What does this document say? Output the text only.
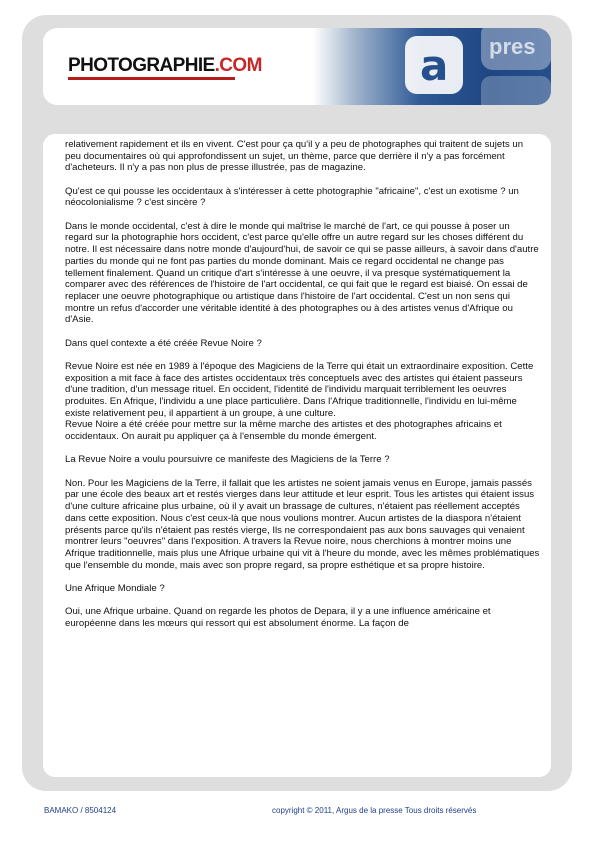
PHOTOGRAPHIE.COM	a pres

relativement rapidement et ils en vivent. C'est pour ça qu'il y a peu de photographes qui traitent de sujets un peu documentaires où qui approfondissent un sujet, un thème, parce que derrière il n'y a pas forcément d'acheteurs. Il n'y a pas non plus de presse illustrée, pas de magazine.

Qu'est ce qui pousse les occidentaux à s'intéresser à cette photographie "africaine", c'est un exotisme ? un néocolonialisme ? c'est sincère ?

Dans le monde occidental, c'est à dire le monde qui maîtrise le marché de l'art, ce qui pousse à poser un regard sur la photographie hors occident, c'est parce qu'elle offre un autre regard sur les choses différent du notre. Il est nécessaire dans notre monde d'aujourd'hui, de savoir ce qui se passe ailleurs, à savoir dans d'autre parties du monde qui ne font pas parties du monde dominant. Mais ce regard occidental ne change pas tellement finalement. Quand un critique d'art s'intéresse à une oeuvre, il va presque systématiquement la comparer avec des références de l'histoire de l'art occidental, ce qui fait que le regard est biaisé. On essai de replacer une oeuvre photographique ou artistique dans l'histoire de l'art occidental. C'est un non sens qui montre un refus d'accorder une véritable identité à des photographes ou à des artistes venus d'Afrique ou d'Asie.

Dans quel contexte a été créée Revue Noire ?

Revue Noire est née en 1989 à l'époque des Magiciens de la Terre qui était un extraordinaire exposition. Cette exposition a mit face à face des artistes occidentaux très conceptuels avec des artistes qui étaient passeurs d'une tradition, d'un message rituel. En occident, l'identité de l'individu marquait terriblement les oeuvres produites. En Afrique, l'individu a une place particulière. Dans l'Afrique traditionnelle, l'individu en lui-même existe relativement peu, il appartient à un groupe, à une culture.
Revue Noire a été créée pour mettre sur la même marche des artistes et des photographes africains et occidentaux. On aurait pu appliquer ça à l'ensemble du monde émergent.

La Revue Noire a voulu poursuivre ce manifeste des Magiciens de la Terre ?

Non. Pour les Magiciens de la Terre, il fallait que les artistes ne soient jamais venus en Europe, jamais passés par une école des beaux art et restés vierges dans leur attitude et leur esprit. Tous les artistes qui étaient issus d'une culture africaine plus urbaine, où il y avait un brassage de cultures, n'étaient pas réellement acceptés dans cette exposition. Nous c'est ceux-là que nous voulions montrer. Aucun artistes de la diaspora n'étaient présents parce qu'ils n'étaient pas restés vierge, Ils ne correspondaient pas aux bons sauvages qui venaient montrer leurs "oeuvres" dans l'exposition. A travers la Revue noire, nous cherchions à montrer moins une Afrique traditionnelle, mais plus une Afrique urbaine qui vit à l'heure du monde, avec les mêmes problématiques que l'ensemble du monde, mais avec son propre regard, sa propre esthétique et sa propre histoire.

Une Afrique Mondiale ?

Oui, une Afrique urbaine. Quand on regarde les photos de Depara, il y a une influence américaine et européenne dans les mœurs qui ressort qui est absolument énorme. La façon de

BAMAKO / 8504124	copyright © 2011, Argus de la presse Tous droits réservés
